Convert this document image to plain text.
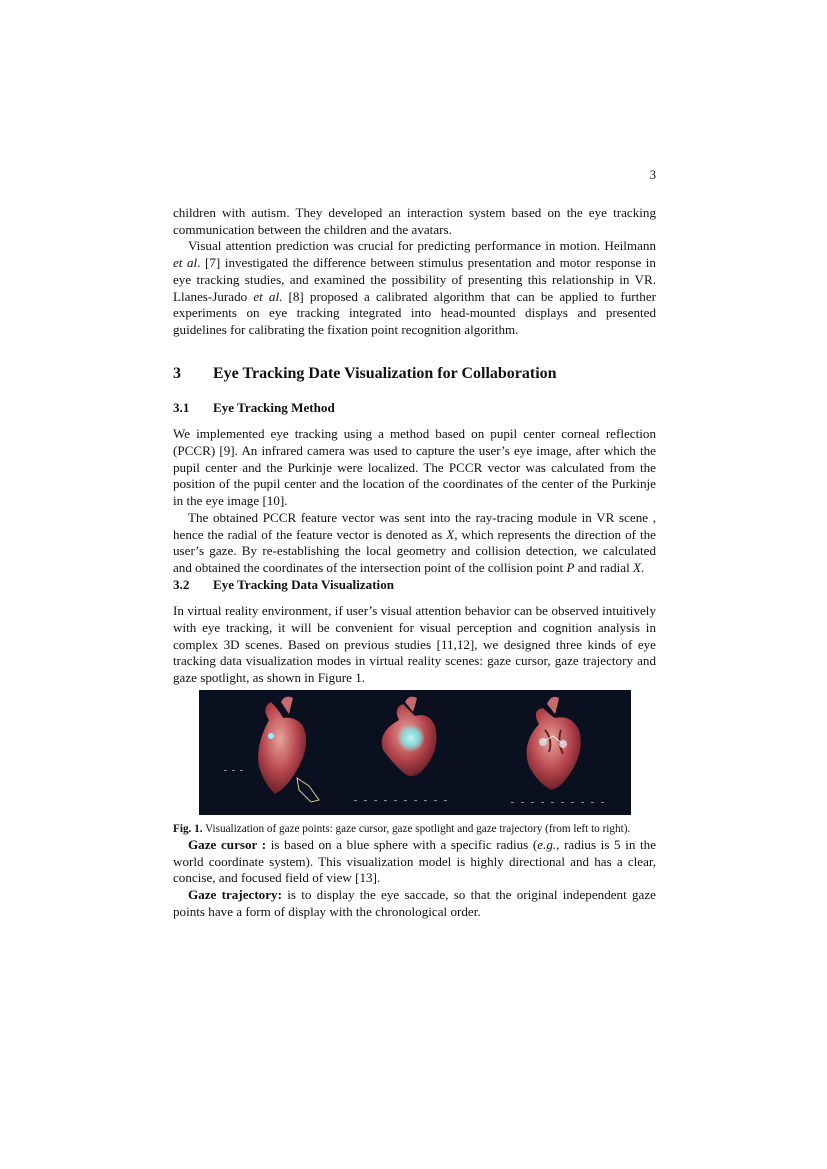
3

children with autism. They developed an interaction system based on the eye tracking communication between the children and the avatars.

Visual attention prediction was crucial for predicting performance in motion. Heilmann et al. [7] investigated the difference between stimulus presentation and motor response in eye tracking studies, and examined the possibility of presenting this relationship in VR. Llanes-Jurado et al. [8] proposed a calibrated algorithm that can be applied to further experiments on eye tracking integrated into head-mounted displays and presented guidelines for calibrating the fixation point recognition algorithm.

3	Eye Tracking Date Visualization for Collaboration
3.1	Eye Tracking Method

We implemented eye tracking using a method based on pupil center corneal reflection (PCCR) [9]. An infrared camera was used to capture the user’s eye image, after which the pupil center and the Purkinje were localized. The PCCR vector was calculated from the position of the pupil center and the location of the coordinates of the center of the Purkinje in the eye image [10].

The obtained PCCR feature vector was sent into the ray-tracing module in VR scene , hence the radial of the feature vector is denoted as X, which represents the direction of the user’s gaze. By re-establishing the local geometry and collision detection, we calculated and obtained the coordinates of the intersection point of the collision point P and radial X.

3.2	Eye Tracking Data Visualization

In virtual reality environment, if user’s visual attention behavior can be observed intuitively with eye tracking, it will be convenient for visual perception and cognition analysis in complex 3D scenes. Based on previous studies [11,12], we designed three kinds of eye tracking data visualization modes in virtual reality scenes: gaze cursor, gaze trajectory and gaze spotlight, as shown in Figure 1.

Fig. 1. Visualization of gaze points: gaze cursor, gaze spotlight and gaze trajectory (from left to right).

Gaze cursor : is based on a blue sphere with a specific radius (e.g., radius is 5 in the world coordinate system). This visualization model is highly directional and has a clear, concise, and focused field of view [13].

Gaze trajectory: is to display the eye saccade, so that the original independent gaze points have a form of display with the chronological order.
